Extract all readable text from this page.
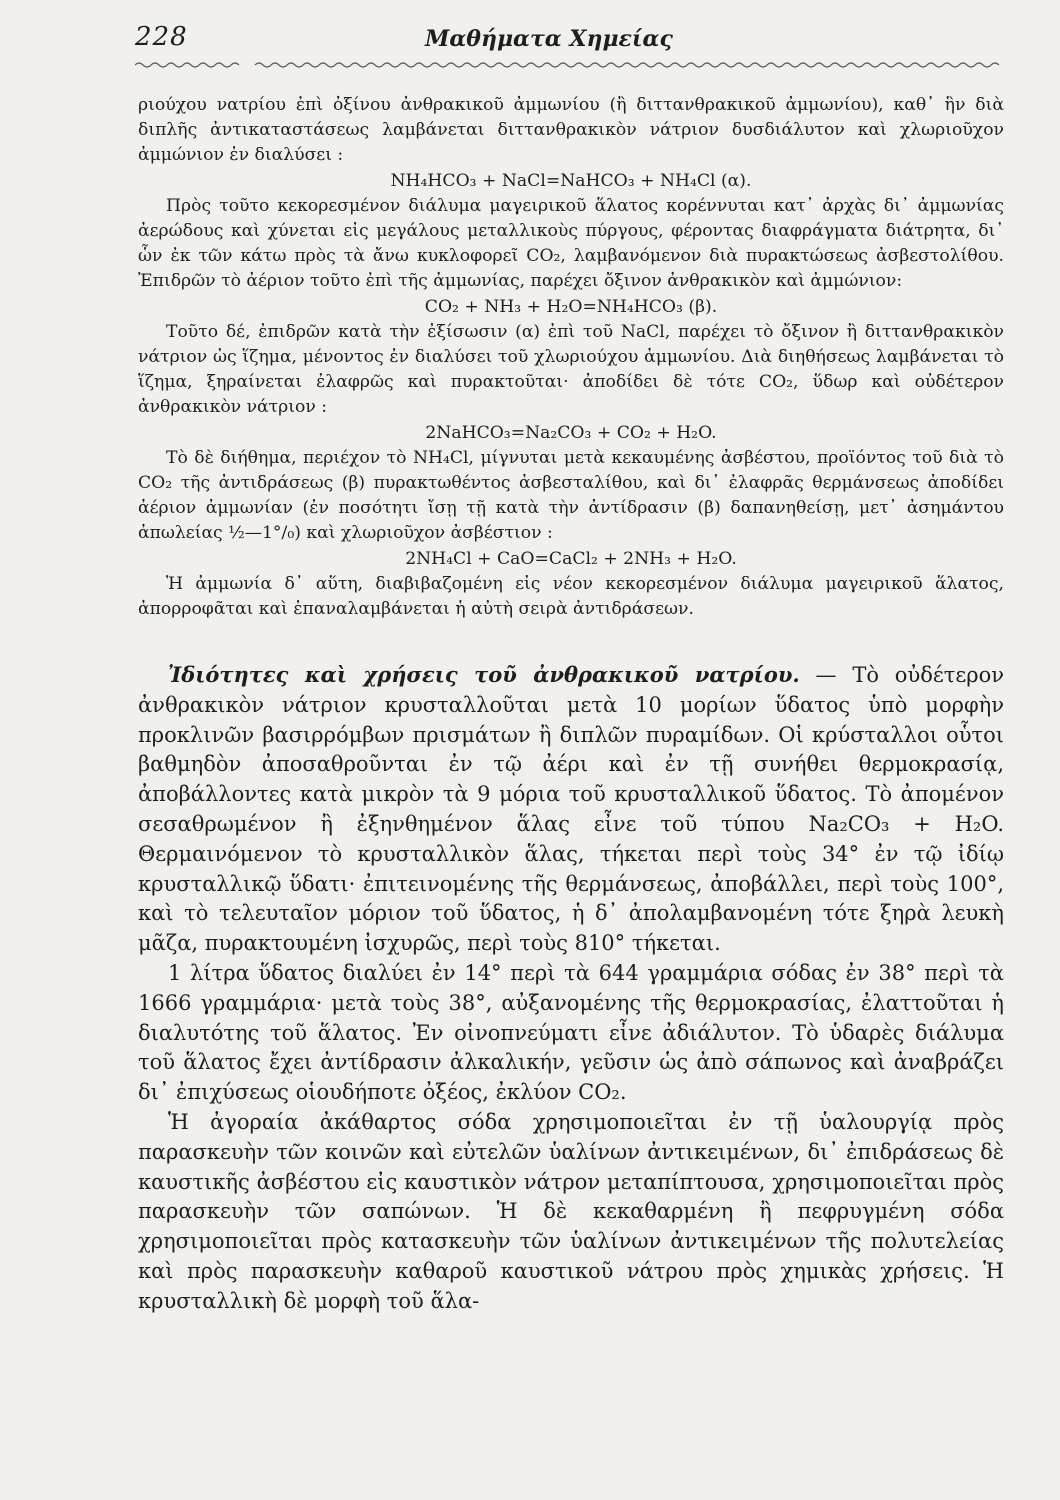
228	Μαθήματα Χημείας

ριούχου νατρίου ἐπὶ ὀξίνου ἀνθρακικοῦ ἀμμωνίου (ἢ διττανθρακικοῦ ἀμμωνίου), καθ᾽ ἣν διὰ διπλῆς ἀντικαταστάσεως λαμβάνεται διττανθρακικὸν νάτριον δυσδιάλυτον καὶ χλωριοῦχον ἀμμώνιον ἐν διαλύσει :

NH₄HCO₃ + NaCl=NaHCO₃ + NH₄Cl (α).

Πρὸς τοῦτο κεκορεσμένον διάλυμα μαγειρικοῦ ἅλατος κορέννυται κατ᾽ ἀρχὰς δι᾽ ἀμμωνίας ἀερώδους καὶ χύνεται εἰς μεγάλους μεταλλικοὺς πύργους, φέροντας διαφράγματα διάτρητα, δι᾽ ὧν ἐκ τῶν κάτω πρὸς τὰ ἄνω κυκλοφορεῖ CO₂, λαμβανόμενον διὰ πυρακτώσεως ἀσβεστολίθου. Ἐπιδρῶν τὸ ἀέριον τοῦτο ἐπὶ τῆς ἀμμωνίας, παρέχει ὄξινον ἀνθρακικὸν καὶ ἀμμώνιον:

CO₂ + NH₃ + H₂O=NH₄HCO₃ (β).

Τοῦτο δέ, ἐπιδρῶν κατὰ τὴν ἐξίσωσιν (α) ἐπὶ τοῦ NaCl, παρέχει τὸ ὄξινον ἢ διττανθρακικὸν νάτριον ὡς ἵζημα, μένοντος ἐν διαλύσει τοῦ χλωριούχου ἀμμωνίου. Διὰ διηθήσεως λαμβάνεται τὸ ἵζημα, ξηραίνεται ἐλαφρῶς καὶ πυρακτοῦται· ἀποδίδει δὲ τότε CO₂, ὕδωρ καὶ οὐδέτερον ἀνθρακικὸν νάτριον :

2NaHCO₃=Na₂CO₃ + CO₂ + H₂O.

Τὸ δὲ διήθημα, περιέχον τὸ NH₄Cl, μίγνυται μετὰ κεκαυμένης ἀσβέστου, προϊόντος τοῦ διὰ τὸ CO₂ τῆς ἀντιδράσεως (β) πυρακτωθέντος ἀσβεσταλίθου, καὶ δι᾽ ἐλαφρᾶς θερμάνσεως ἀποδίδει ἀέριον ἀμμωνίαν (ἐν ποσότητι ἴσῃ τῇ κατὰ τὴν ἀντίδρασιν (β) δαπανηθείσῃ, μετ᾽ ἀσημάντου ἀπωλείας ½—1°/₀) καὶ χλωριοῦχον ἀσβέστιον :

2NH₄Cl + CaO=CaCl₂ + 2NH₃ + H₂O.

Ἡ ἀμμωνία δ᾽ αὕτη, διαβιβαζομένη εἰς νέον κεκορεσμένον διάλυμα μαγειρικοῦ ἅλατος, ἀπορροφᾶται καὶ ἐπαναλαμβάνεται ἡ αὐτὴ σειρὰ ἀντιδράσεων.

Ἰδιότητες καὶ χρήσεις τοῦ ἀνθρακικοῦ νατρίου. — Τὸ οὐδέτερον ἀνθρακικὸν νάτριον κρυσταλλοῦται μετὰ 10 μορίων ὕδατος ὑπὸ μορφὴν προκλινῶν βασιρρόμβων πρισμάτων ἢ διπλῶν πυραμίδων. Οἱ κρύσταλλοι οὗτοι βαθμηδὸν ἀποσαθροῦνται ἐν τῷ ἀέρι καὶ ἐν τῇ συνήθει θερμοκρασίᾳ, ἀποβάλλοντες κατὰ μικρὸν τὰ 9 μόρια τοῦ κρυσταλλικοῦ ὕδατος. Τὸ ἀπομένον σεσαθρωμένον ἢ ἐξηνθημένον ἅλας εἶνε τοῦ τύπου Na₂CO₃ + H₂O. Θερμαινόμενον τὸ κρυσταλλικὸν ἅλας, τήκεται περὶ τοὺς 34° ἐν τῷ ἰδίῳ κρυσταλλικῷ ὕδατι· ἐπιτεινομένης τῆς θερμάνσεως, ἀποβάλλει, περὶ τοὺς 100°, καὶ τὸ τελευταῖον μόριον τοῦ ὕδατος, ἡ δ᾽ ἀπολαμβανομένη τότε ξηρὰ λευκὴ μᾶζα, πυρακτουμένη ἰσχυρῶς, περὶ τοὺς 810° τήκεται.

1 λίτρα ὕδατος διαλύει ἐν 14° περὶ τὰ 644 γραμμάρια σόδας ἐν 38° περὶ τὰ 1666 γραμμάρια· μετὰ τοὺς 38°, αὐξανομένης τῆς θερμοκρασίας, ἐλαττοῦται ἡ διαλυτότης τοῦ ἅλατος. Ἐν οἰνοπνεύματι εἶνε ἀδιάλυτον. Τὸ ὑδαρὲς διάλυμα τοῦ ἅλατος ἔχει ἀντίδρασιν ἀλκαλικήν, γεῦσιν ὡς ἀπὸ σάπωνος καὶ ἀναβράζει δι᾽ ἐπιχύσεως οἱουδήποτε ὀξέος, ἐκλύον CO₂.

Ἡ ἀγοραία ἀκάθαρτος σόδα χρησιμοποιεῖται ἐν τῇ ὑαλουργίᾳ πρὸς παρασκευὴν τῶν κοινῶν καὶ εὐτελῶν ὑαλίνων ἀντικειμένων, δι᾽ ἐπιδράσεως δὲ καυστικῆς ἀσβέστου εἰς καυστικὸν νάτρον μεταπίπτουσα, χρησιμοποιεῖται πρὸς παρασκευὴν τῶν σαπώνων. Ἡ δὲ κεκαθαρμένη ἢ πεφρυγμένη σόδα χρησιμοποιεῖται πρὸς κατασκευὴν τῶν ὑαλίνων ἀντικειμένων τῆς πολυτελείας καὶ πρὸς παρασκευὴν καθαροῦ καυστικοῦ νάτρου πρὸς χημικὰς χρήσεις. Ἡ κρυσταλλικὴ δὲ μορφὴ τοῦ ἅλα-
